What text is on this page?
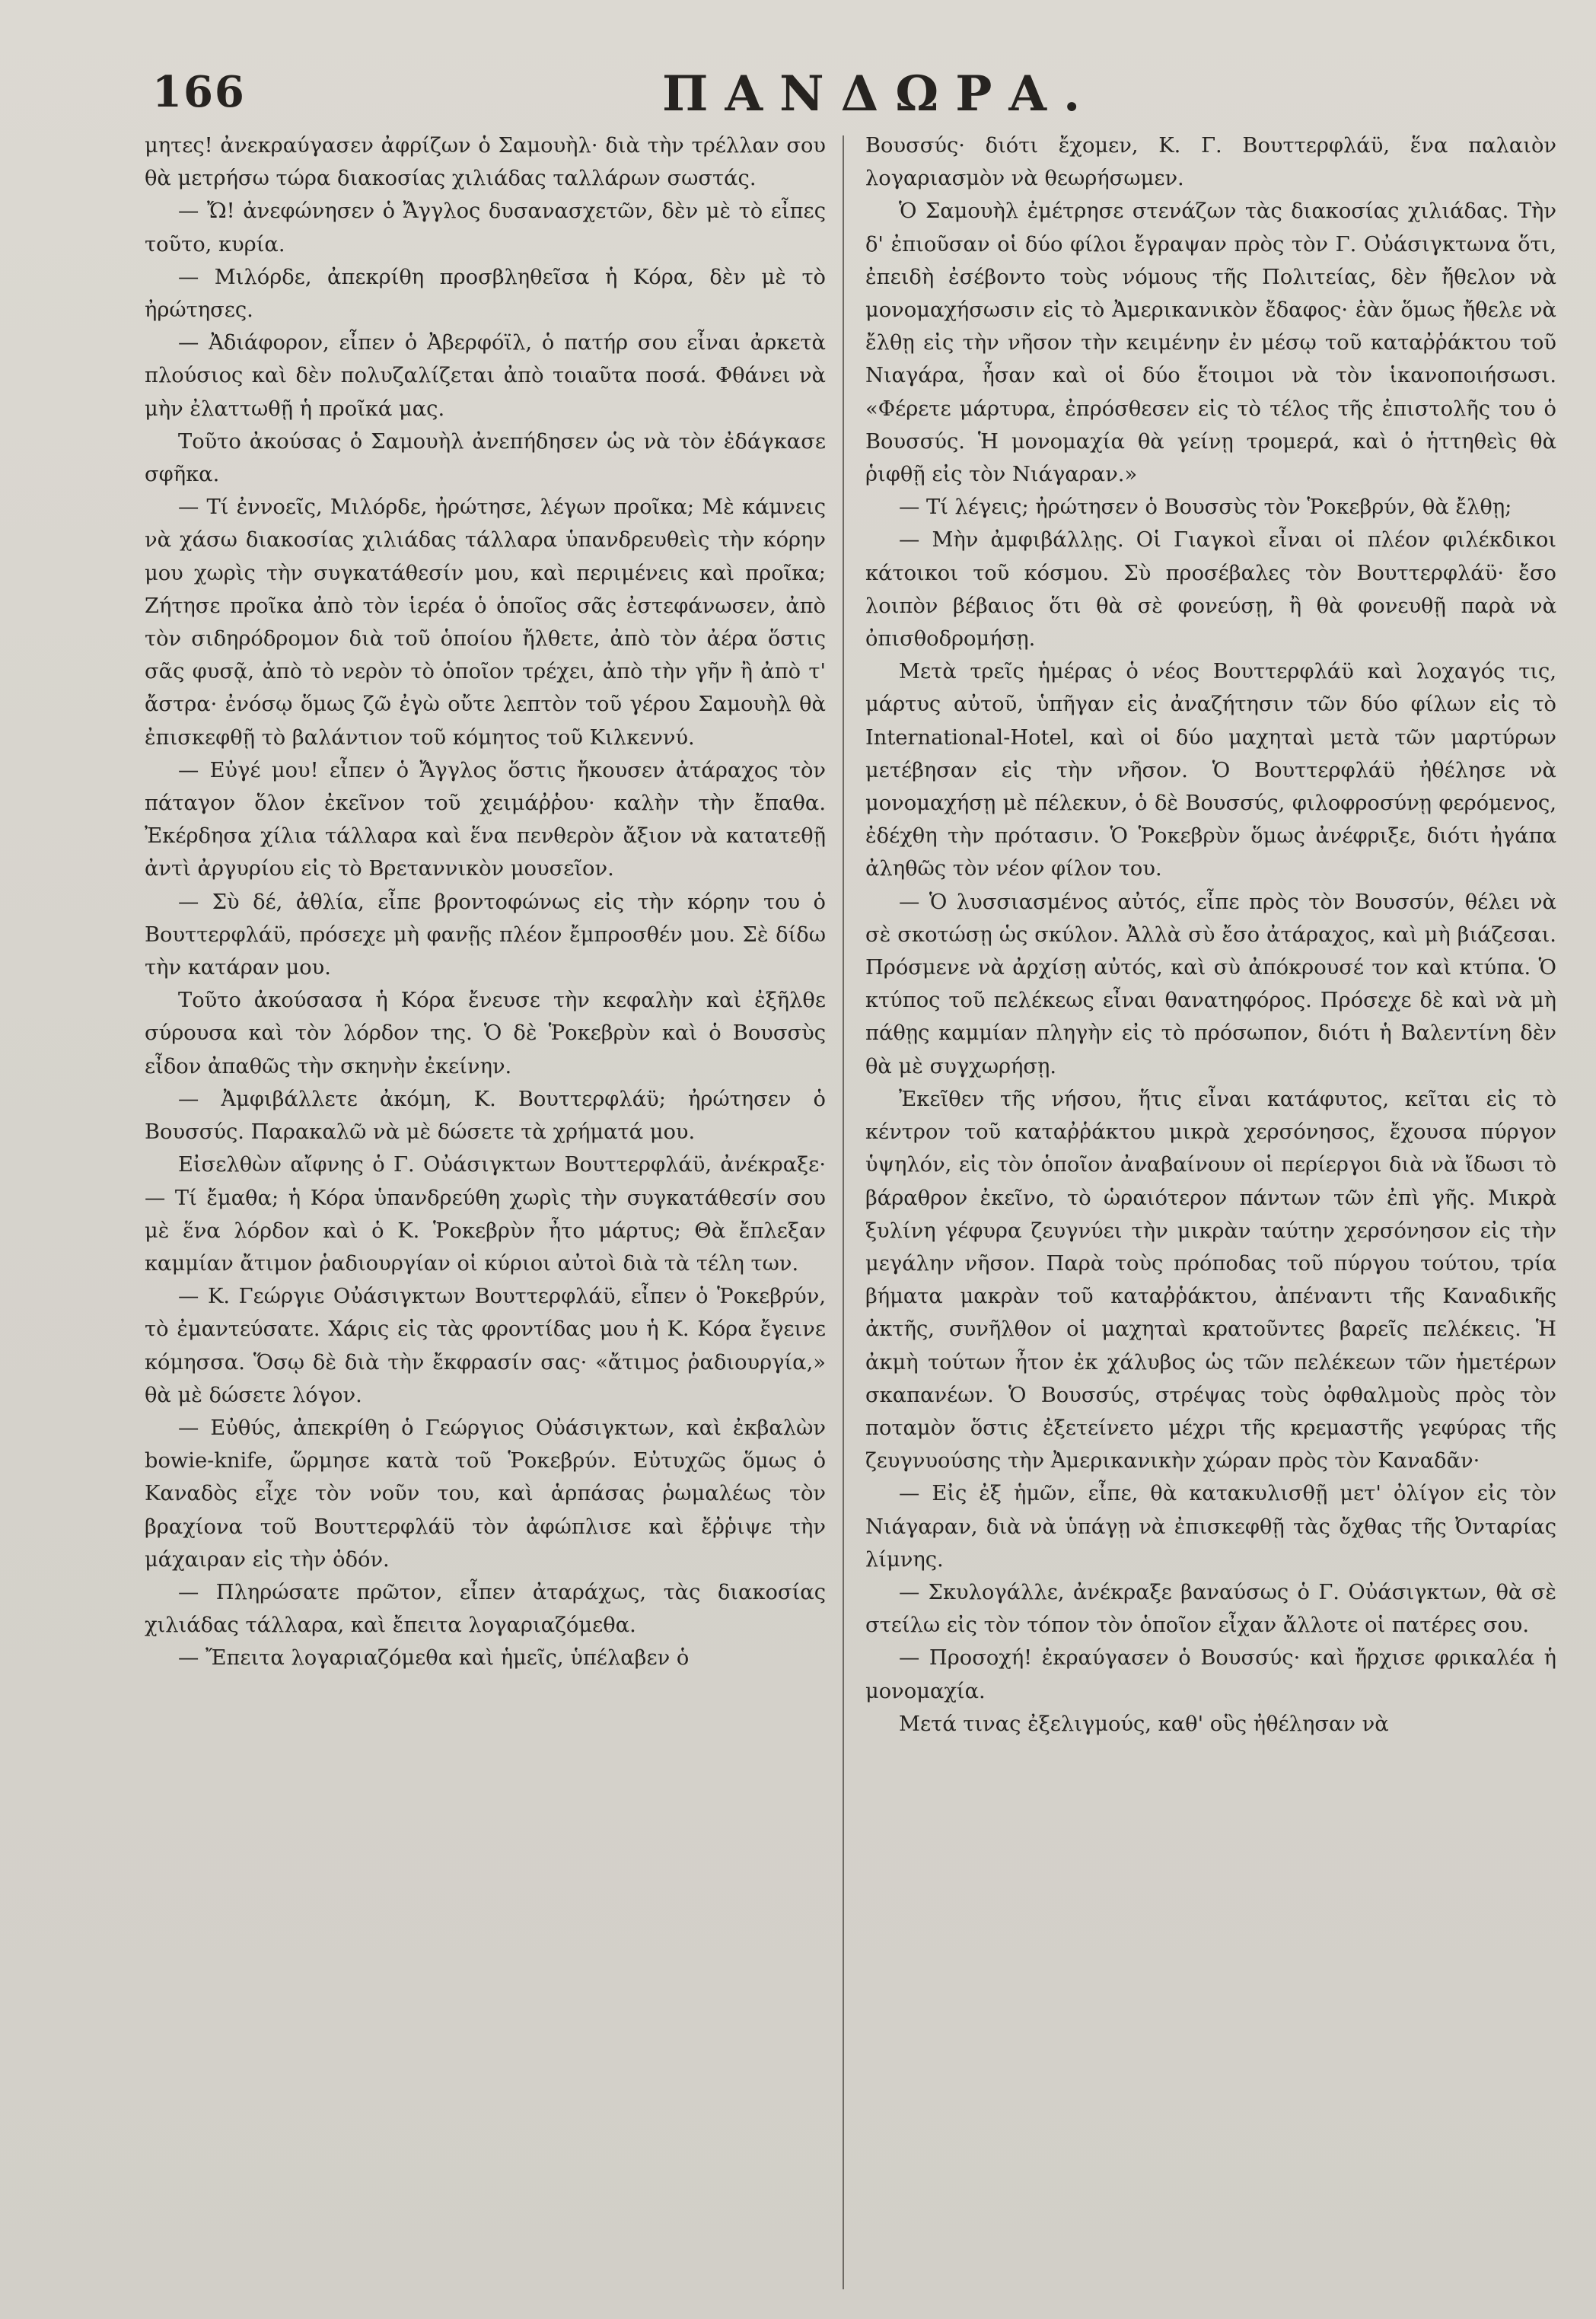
166	ΠΑΝΔΩΡΑ.

μητες! ἀνεκραύγασεν ἀφρίζων ὁ Σαμουὴλ· διὰ τὴν τρέλλαν σου θὰ μετρήσω τώρα διακοσίας χιλιάδας ταλλάρων σωστάς.

— Ὤ! ἀνεφώνησεν ὁ Ἄγγλος δυσανασχετῶν, δὲν μὲ τὸ εἶπες τοῦτο, κυρία.

— Μιλόρδε, ἀπεκρίθη προσβληθεῖσα ἡ Κόρα, δὲν μὲ τὸ ἠρώτησες.

— Ἀδιάφορον, εἶπεν ὁ Ἀβερφόϊλ, ὁ πατήρ σου εἶναι ἀρκετὰ πλούσιος καὶ δὲν πολυζαλίζεται ἀπὸ τοιαῦτα ποσά. Φθάνει νὰ μὴν ἐλαττωθῇ ἡ προῖκά μας.

Τοῦτο ἀκούσας ὁ Σαμουὴλ ἀνεπήδησεν ὡς νὰ τὸν ἐδάγκασε σφῆκα.

— Τί ἐννοεῖς, Μιλόρδε, ἠρώτησε, λέγων προῖκα; Μὲ κάμνεις νὰ χάσω διακοσίας χιλιάδας τάλλαρα ὑπανδρευθεὶς τὴν κόρην μου χωρὶς τὴν συγκατάθεσίν μου, καὶ περιμένεις καὶ προῖκα; Ζήτησε προῖκα ἀπὸ τὸν ἱερέα ὁ ὁποῖος σᾶς ἐστεφάνωσεν, ἀπὸ τὸν σιδηρόδρομον διὰ τοῦ ὁποίου ἤλθετε, ἀπὸ τὸν ἀέρα ὅστις σᾶς φυσᾷ, ἀπὸ τὸ νερὸν τὸ ὁποῖον τρέχει, ἀπὸ τὴν γῆν ἢ ἀπὸ τ' ἄστρα· ἐνόσῳ ὅμως ζῶ ἐγὼ οὔτε λεπτὸν τοῦ γέρου Σαμουὴλ θὰ ἐπισκεφθῇ τὸ βαλάντιον τοῦ κόμητος τοῦ Κιλκεννύ.

— Εὐγέ μου! εἶπεν ὁ Ἄγγλος ὅστις ἤκουσεν ἀτάραχος τὸν πάταγον ὅλον ἐκεῖνον τοῦ χειμάῤῥου· καλὴν τὴν ἔπαθα. Ἐκέρδησα χίλια τάλλαρα καὶ ἕνα πενθερὸν ἄξιον νὰ κατατεθῇ ἀντὶ ἀργυρίου εἰς τὸ Βρεταννικὸν μουσεῖον.

— Σὺ δέ, ἀθλία, εἶπε βροντοφώνως εἰς τὴν κόρην του ὁ Βουττερφλάϋ, πρόσεχε μὴ φανῇς πλέον ἔμπροσθέν μου. Σὲ δίδω τὴν κατάραν μου.

Τοῦτο ἀκούσασα ἡ Κόρα ἔνευσε τὴν κεφαλὴν καὶ ἐξῆλθε σύρουσα καὶ τὸν λόρδον της. Ὁ δὲ Ῥοκεβρὺν καὶ ὁ Βουσσὺς εἶδον ἀπαθῶς τὴν σκηνὴν ἐκείνην.

— Ἀμφιβάλλετε ἀκόμη, Κ. Βουττερφλάϋ; ἠρώτησεν ὁ Βουσσύς. Παρακαλῶ νὰ μὲ δώσετε τὰ χρήματά μου.

Εἰσελθὼν αἴφνης ὁ Γ. Οὐάσιγκτων Βουττερφλάϋ, ἀνέκραξε· — Τί ἔμαθα; ἡ Κόρα ὑπανδρεύθη χωρὶς τὴν συγκατάθεσίν σου μὲ ἕνα λόρδον καὶ ὁ Κ. Ῥοκεβρὺν ἦτο μάρτυς; Θὰ ἔπλεξαν καμμίαν ἄτιμον ῥαδιουργίαν οἱ κύριοι αὐτοὶ διὰ τὰ τέλη των.

— Κ. Γεώργιε Οὐάσιγκτων Βουττερφλάϋ, εἶπεν ὁ Ῥοκεβρύν, τὸ ἐμαντεύσατε. Χάρις εἰς τὰς φροντίδας μου ἡ Κ. Κόρα ἔγεινε κόμησσα. Ὅσῳ δὲ διὰ τὴν ἔκφρασίν σας· «ἄτιμος ῥαδιουργία,» θὰ μὲ δώσετε λόγον.

— Εὐθύς, ἀπεκρίθη ὁ Γεώργιος Οὐάσιγκτων, καὶ ἐκβαλὼν bowie-knife, ὥρμησε κατὰ τοῦ Ῥοκεβρύν. Εὐτυχῶς ὅμως ὁ Καναδὸς εἶχε τὸν νοῦν του, καὶ ἁρπάσας ῥωμαλέως τὸν βραχίονα τοῦ Βουττερφλάϋ τὸν ἀφώπλισε καὶ ἔῤῥιψε τὴν μάχαιραν εἰς τὴν ὁδόν.

— Πληρώσατε πρῶτον, εἶπεν ἀταράχως, τὰς διακοσίας χιλιάδας τάλλαρα, καὶ ἔπειτα λογαριαζόμεθα.

— Ἔπειτα λογαριαζόμεθα καὶ ἡμεῖς, ὑπέλαβεν ὁ

Βουσσύς· διότι ἔχομεν, Κ. Γ. Βουττερφλάϋ, ἕνα παλαιὸν λογαριασμὸν νὰ θεωρήσωμεν.

Ὁ Σαμουὴλ ἐμέτρησε στενάζων τὰς διακοσίας χιλιάδας. Τὴν δ' ἐπιοῦσαν οἱ δύο φίλοι ἔγραψαν πρὸς τὸν Γ. Οὐάσιγκτωνα ὅτι, ἐπειδὴ ἐσέβοντο τοὺς νόμους τῆς Πολιτείας, δὲν ἤθελον νὰ μονομαχήσωσιν εἰς τὸ Ἀμερικανικὸν ἔδαφος· ἐὰν ὅμως ἤθελε νὰ ἔλθῃ εἰς τὴν νῆσον τὴν κειμένην ἐν μέσῳ τοῦ καταῤῥάκτου τοῦ Νιαγάρα, ἦσαν καὶ οἱ δύο ἕτοιμοι νὰ τὸν ἱκανοποιήσωσι. «Φέρετε μάρτυρα, ἐπρόσθεσεν εἰς τὸ τέλος τῆς ἐπιστολῆς του ὁ Βουσσύς. Ἡ μονομαχία θὰ γείνῃ τρομερά, καὶ ὁ ἡττηθεὶς θὰ ῥιφθῇ εἰς τὸν Νιάγαραν.»

— Τί λέγεις; ἠρώτησεν ὁ Βουσσὺς τὸν Ῥοκεβρύν, θὰ ἔλθῃ;

— Μὴν ἀμφιβάλλῃς. Οἱ Γιαγκοὶ εἶναι οἱ πλέον φιλέκδικοι κάτοικοι τοῦ κόσμου. Σὺ προσέβαλες τὸν Βουττερφλάϋ· ἔσο λοιπὸν βέβαιος ὅτι θὰ σὲ φονεύσῃ, ἢ θὰ φονευθῇ παρὰ νὰ ὀπισθοδρομήσῃ.

Μετὰ τρεῖς ἡμέρας ὁ νέος Βουττερφλάϋ καὶ λοχαγός τις, μάρτυς αὐτοῦ, ὑπῆγαν εἰς ἀναζήτησιν τῶν δύο φίλων εἰς τὸ International-Hotel, καὶ οἱ δύο μαχηταὶ μετὰ τῶν μαρτύρων μετέβησαν εἰς τὴν νῆσον. Ὁ Βουττερφλάϋ ἠθέλησε νὰ μονομαχήσῃ μὲ πέλεκυν, ὁ δὲ Βουσσύς, φιλοφροσύνῃ φερόμενος, ἐδέχθη τὴν πρότασιν. Ὁ Ῥοκεβρὺν ὅμως ἀνέφριξε, διότι ἠγάπα ἀληθῶς τὸν νέον φίλον του.

— Ὁ λυσσιασμένος αὐτός, εἶπε πρὸς τὸν Βουσσύν, θέλει νὰ σὲ σκοτώσῃ ὡς σκύλον. Ἀλλὰ σὺ ἔσο ἀτάραχος, καὶ μὴ βιάζεσαι. Πρόσμενε νὰ ἀρχίσῃ αὐτός, καὶ σὺ ἀπόκρουσέ τον καὶ κτύπα. Ὁ κτύπος τοῦ πελέκεως εἶναι θανατηφόρος. Πρόσεχε δὲ καὶ νὰ μὴ πάθῃς καμμίαν πληγὴν εἰς τὸ πρόσωπον, διότι ἡ Βαλεντίνη δὲν θὰ μὲ συγχωρήσῃ.

Ἐκεῖθεν τῆς νήσου, ἥτις εἶναι κατάφυτος, κεῖται εἰς τὸ κέντρον τοῦ καταῤῥάκτου μικρὰ χερσόνησος, ἔχουσα πύργον ὑψηλόν, εἰς τὸν ὁποῖον ἀναβαίνουν οἱ περίεργοι διὰ νὰ ἴδωσι τὸ βάραθρον ἐκεῖνο, τὸ ὡραιότερον πάντων τῶν ἐπὶ γῆς. Μικρὰ ξυλίνη γέφυρα ζευγνύει τὴν μικρὰν ταύτην χερσόνησον εἰς τὴν μεγάλην νῆσον. Παρὰ τοὺς πρόποδας τοῦ πύργου τούτου, τρία βήματα μακρὰν τοῦ καταῤῥάκτου, ἀπέναντι τῆς Καναδικῆς ἀκτῆς, συνῆλθον οἱ μαχηταὶ κρατοῦντες βαρεῖς πελέκεις. Ἡ ἀκμὴ τούτων ἦτον ἐκ χάλυβος ὡς τῶν πελέκεων τῶν ἡμετέρων σκαπανέων. Ὁ Βουσσύς, στρέψας τοὺς ὀφθαλμοὺς πρὸς τὸν ποταμὸν ὅστις ἐξετείνετο μέχρι τῆς κρεμαστῆς γεφύρας τῆς ζευγνυούσης τὴν Ἀμερικανικὴν χώραν πρὸς τὸν Καναδᾶν·

— Εἰς ἐξ ἡμῶν, εἶπε, θὰ κατακυλισθῇ μετ' ὀλίγον εἰς τὸν Νιάγαραν, διὰ νὰ ὑπάγῃ νὰ ἐπισκεφθῇ τὰς ὄχθας τῆς Ὀνταρίας λίμνης.

— Σκυλογάλλε, ἀνέκραξε βαναύσως ὁ Γ. Οὐάσιγκτων, θὰ σὲ στείλω εἰς τὸν τόπον τὸν ὁποῖον εἶχαν ἄλλοτε οἱ πατέρες σου.

— Προσοχή! ἐκραύγασεν ὁ Βουσσύς· καὶ ἤρχισε φρικαλέα ἡ μονομαχία.

Μετά τινας ἐξελιγμούς, καθ' οὓς ἠθέλησαν νὰ
